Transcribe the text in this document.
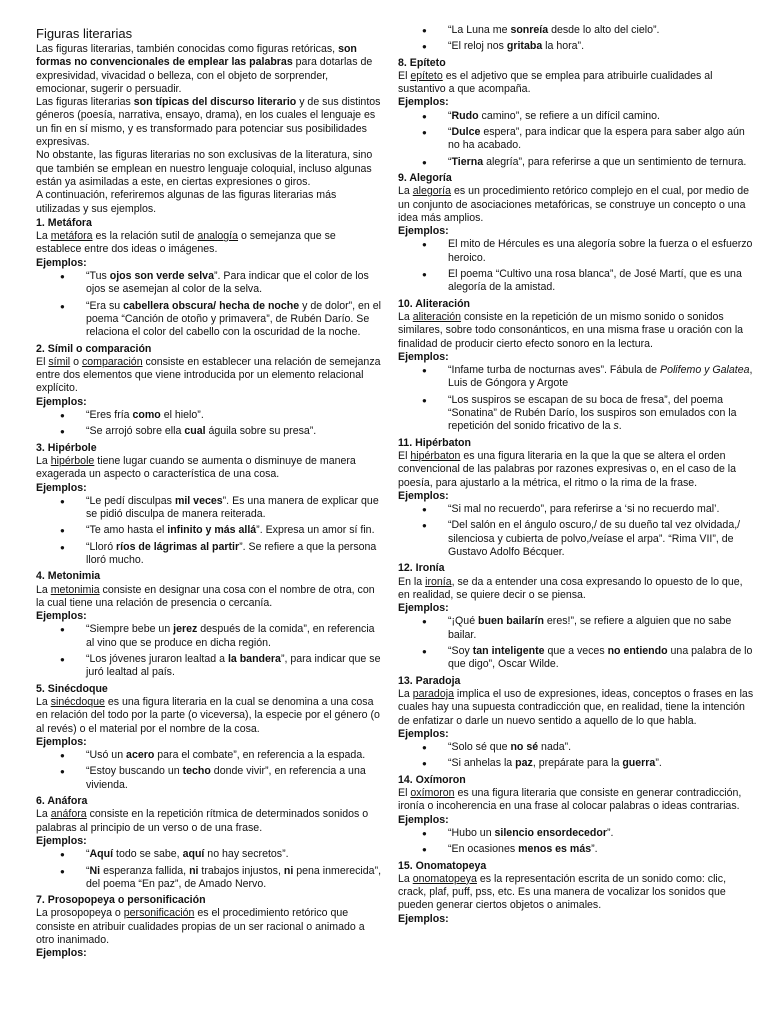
Figuras literarias

Las figuras literarias, también conocidas como figuras retóricas, son formas no convencionales de emplear las palabras para dotarlas de expresividad, vivacidad o belleza, con el objeto de sorprender, emocionar, sugerir o persuadir.

Las figuras literarias son típicas del discurso literario y de sus distintos géneros (poesía, narrativa, ensayo, drama), en los cuales el lenguaje es un fin en sí mismo, y es transformado para potenciar sus posibilidades expresivas.

No obstante, las figuras literarias no son exclusivas de la literatura, sino que también se emplean en nuestro lenguaje coloquial, incluso algunas están ya asimiladas a este, en ciertas expresiones o giros.

A continuación, referiremos algunas de las figuras literarias más utilizadas y sus ejemplos.

1. Metáfora

La metáfora es la relación sutil de analogía o semejanza que se establece entre dos ideas o imágenes.

Ejemplos:

● “Tus ojos son verde selva”. Para indicar que el color de los ojos se asemejan al color de la selva.
● “Era su cabellera obscura/ hecha de noche y de dolor”, en el poema “Canción de otoño y primavera”, de Rubén Darío. Se relaciona el color del cabello con la oscuridad de la noche.

2. Símil o comparación

El símil o comparación consiste en establecer una relación de semejanza entre dos elementos que viene introducida por un elemento relacional explícito.

Ejemplos:

● “Eres fría como el hielo”.
● “Se arrojó sobre ella cual águila sobre su presa”.

3. Hipérbole

La hipérbole tiene lugar cuando se aumenta o disminuye de manera exagerada un aspecto o característica de una cosa.

Ejemplos:

● “Le pedí disculpas mil veces”. Es una manera de explicar que se pidió disculpa de manera reiterada.
● “Te amo hasta el infinito y más allá”. Expresa un amor sí fin.
● “Lloró ríos de lágrimas al partir”. Se refiere a que la persona lloró mucho.

4. Metonimia

La metonimia consiste en designar una cosa con el nombre de otra, con la cual tiene una relación de presencia o cercanía.

Ejemplos:

● “Siempre bebe un jerez después de la comida”, en referencia al vino que se produce en dicha región.
● “Los jóvenes juraron lealtad a la bandera”, para indicar que se juró lealtad al país.

5. Sinécdoque

La sinécdoque es una figura literaria en la cual se denomina a una cosa en relación del todo por la parte (o viceversa), la especie por el género (o al revés) o el material por el nombre de la cosa.

Ejemplos:

● “Usó un acero para el combate”, en referencia a la espada.
● “Estoy buscando un techo donde vivir”, en referencia a una vivienda.

6. Anáfora

La anáfora consiste en la repetición rítmica de determinados sonidos o palabras al principio de un verso o de una frase.

Ejemplos:

● “Aquí todo se sabe, aquí no hay secretos”.
● “Ni esperanza fallida, ni trabajos injustos, ni pena inmerecida”, del poema “En paz”, de Amado Nervo.

7. Prosopopeya o personificación

La prosopopeya o personificación es el procedimiento retórico que consiste en atribuir cualidades propias de un ser racional o animado a otro inanimado.

Ejemplos:

● “La Luna me sonreía desde lo alto del cielo”.
● “El reloj nos gritaba la hora”.

8. Epíteto

El epíteto es el adjetivo que se emplea para atribuirle cualidades al sustantivo a que acompaña.

Ejemplos:

● “Rudo camino”, se refiere a un difícil camino.
● “Dulce espera”, para indicar que la espera para saber algo aún no ha acabado.
● “Tierna alegría”, para referirse a que un sentimiento de ternura.

9. Alegoría

La alegoría es un procedimiento retórico complejo en el cual, por medio de un conjunto de asociaciones metafóricas, se construye un concepto o una idea más amplios.

Ejemplos:

● El mito de Hércules es una alegoría sobre la fuerza o el esfuerzo heroico.
● El poema “Cultivo una rosa blanca”, de José Martí, que es una alegoría de la amistad.

10. Aliteración

La aliteración consiste en la repetición de un mismo sonido o sonidos similares, sobre todo consonánticos, en una misma frase u oración con la finalidad de producir cierto efecto sonoro en la lectura.

Ejemplos:

● “Infame turba de nocturnas aves”. Fábula de Polifemo y Galatea, Luis de Góngora y Argote
● “Los suspiros se escapan de su boca de fresa”, del poema “Sonatina” de Rubén Darío, los suspiros son emulados con la repetición del sonido fricativo de la s.

11. Hipérbaton

El hipérbaton es una figura literaria en la que la que se altera el orden convencional de las palabras por razones expresivas o, en el caso de la poesía, para ajustarlo a la métrica, el ritmo o la rima de la frase.

Ejemplos:

● “Si mal no recuerdo”, para referirse a ‘si no recuerdo mal’.
● “Del salón en el ángulo oscuro,/ de su dueño tal vez olvidada,/ silenciosa y cubierta de polvo,/veíase el arpa”. “Rima VII”, de Gustavo Adolfo Bécquer.

12. Ironía

En la ironía, se da a entender una cosa expresando lo opuesto de lo que, en realidad, se quiere decir o se piensa.

Ejemplos:

● “¡Qué buen bailarín eres!”, se refiere a alguien que no sabe bailar.
● “Soy tan inteligente que a veces no entiendo una palabra de lo que digo”, Oscar Wilde.

13. Paradoja

La paradoja implica el uso de expresiones, ideas, conceptos o frases en las cuales hay una supuesta contradicción que, en realidad, tiene la intención de enfatizar o darle un nuevo sentido a aquello de lo que habla.

Ejemplos:

● “Solo sé que no sé nada”.
● “Si anhelas la paz, prepárate para la guerra”.

14. Oxímoron

El oxímoron es una figura literaria que consiste en generar contradicción, ironía o incoherencia en una frase al colocar palabras o ideas contrarias.

Ejemplos:

● “Hubo un silencio ensordecedor”.
● “En ocasiones menos es más”.

15. Onomatopeya

La onomatopeya es la representación escrita de un sonido como: clic, crack, plaf, puff, pss, etc. Es una manera de vocalizar los sonidos que pueden generar ciertos objetos o animales.

Ejemplos:
